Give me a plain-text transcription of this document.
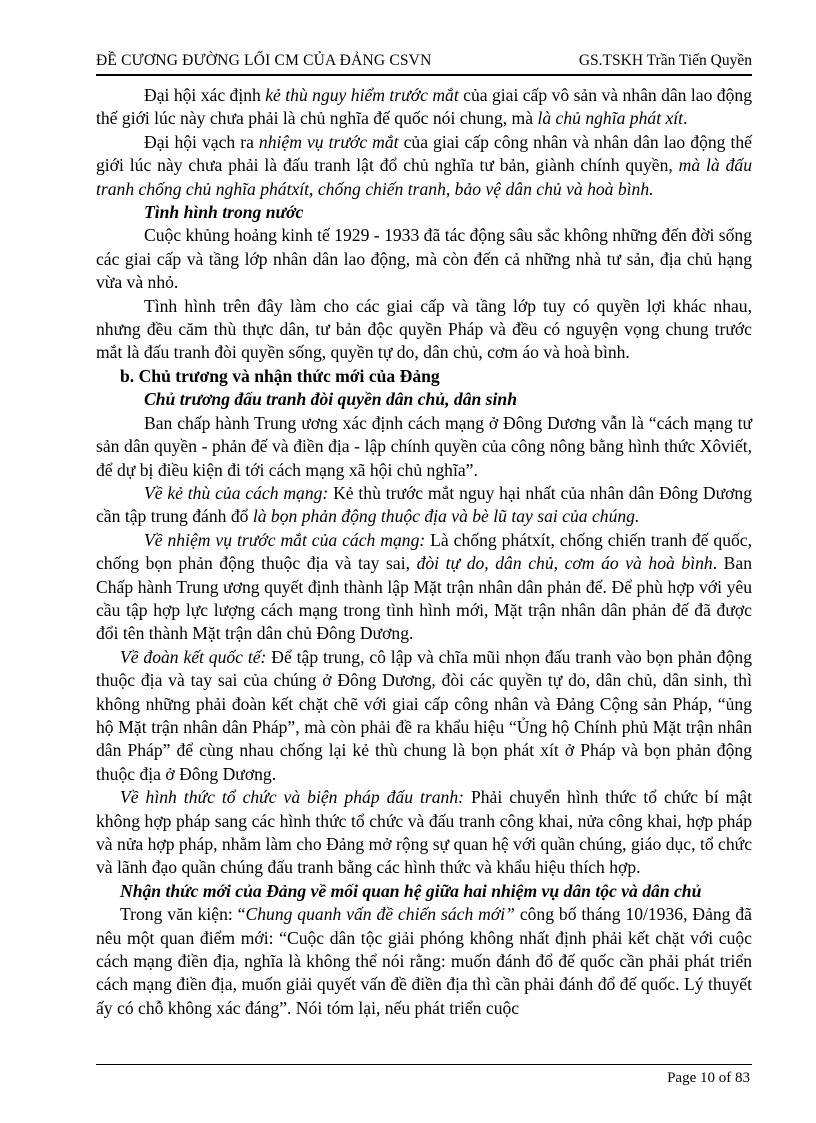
ĐỀ CƯƠNG ĐƯỜNG LỐI CM CỦA ĐẢNG CSVN	GS.TSKH Trần Tiến Quyền

Đại hội xác định kẻ thù nguy hiểm trước mắt của giai cấp vô sản và nhân dân lao động thế giới lúc này chưa phải là chủ nghĩa đế quốc nói chung, mà là chủ nghĩa phát xít.

Đại hội vạch ra nhiệm vụ trước mắt của giai cấp công nhân và nhân dân lao động thế giới lúc này chưa phải là đấu tranh lật đổ chủ nghĩa tư bản, giành chính quyền, mà là đấu tranh chống chủ nghĩa phátxít, chống chiến tranh, bảo vệ dân chủ và hoà bình.

Tình hình trong nước

Cuộc khủng hoảng kinh tế 1929 - 1933 đã tác động sâu sắc không những đến đời sống các giai cấp và tầng lớp nhân dân lao động, mà còn đến cả những nhà tư sản, địa chủ hạng vừa và nhỏ.

Tình hình trên đây làm cho các giai cấp và tầng lớp tuy có quyền lợi khác nhau, nhưng đều căm thù thực dân, tư bản độc quyền Pháp và đều có nguyện vọng chung trước mắt là đấu tranh đòi quyền sống, quyền tự do, dân chủ, cơm áo và hoà bình.

b. Chủ trương và nhận thức mới của Đảng

Chủ trương đấu tranh đòi quyền dân chủ, dân sinh

Ban chấp hành Trung ương xác định cách mạng ở Đông Dương vẫn là “cách mạng tư sản dân quyền - phản đế và điền địa - lập chính quyền của công nông bằng hình thức Xôviết, để dự bị điều kiện đi tới cách mạng xã hội chủ nghĩa”.

Về kẻ thù của cách mạng: Kẻ thù trước mắt nguy hại nhất của nhân dân Đông Dương cần tập trung đánh đổ là bọn phản động thuộc địa và bè lũ tay sai của chúng.

Về nhiệm vụ trước mắt của cách mạng: Là chống phátxít, chống chiến tranh đế quốc, chống bọn phản động thuộc địa và tay sai, đòi tự do, dân chủ, cơm áo và hoà bình. Ban Chấp hành Trung ương quyết định thành lập Mặt trận nhân dân phản đế. Để phù hợp với yêu cầu tập hợp lực lượng cách mạng trong tình hình mới, Mặt trận nhân dân phản đế đã được đổi tên thành Mặt trận dân chủ Đông Dương.

Về đoàn kết quốc tế: Để tập trung, cô lập và chĩa mũi nhọn đấu tranh vào bọn phản động thuộc địa và tay sai của chúng ở Đông Dương, đòi các quyền tự do, dân chủ, dân sinh, thì không những phải đoàn kết chặt chẽ với giai cấp công nhân và Đảng Cộng sản Pháp, “ủng hộ Mặt trận nhân dân Pháp”, mà còn phải đề ra khẩu hiệu “Ủng hộ Chính phủ Mặt trận nhân dân Pháp” để cùng nhau chống lại kẻ thù chung là bọn phát xít ở Pháp và bọn phản động thuộc địa ở Đông Dương.

Về hình thức tổ chức và biện pháp đấu tranh: Phải chuyển hình thức tổ chức bí mật không hợp pháp sang các hình thức tổ chức và đấu tranh công khai, nửa công khai, hợp pháp và nửa hợp pháp, nhằm làm cho Đảng mở rộng sự quan hệ với quần chúng, giáo dục, tổ chức và lãnh đạo quần chúng đấu tranh bằng các hình thức và khẩu hiệu thích hợp.

Nhận thức mới của Đảng về mối quan hệ giữa hai nhiệm vụ dân tộc và dân chủ

Trong văn kiện: “Chung quanh vấn đề chiến sách mới” công bố tháng 10/1936, Đảng đã nêu một quan điểm mới: “Cuộc dân tộc giải phóng không nhất định phải kết chặt với cuộc cách mạng điền địa, nghĩa là không thể nói rằng: muốn đánh đổ đế quốc cần phải phát triển cách mạng điền địa, muốn giải quyết vấn đề điền địa thì cần phải đánh đổ đế quốc. Lý thuyết ấy có chỗ không xác đáng”. Nói tóm lại, nếu phát triển cuộc

Page 10 of 83
